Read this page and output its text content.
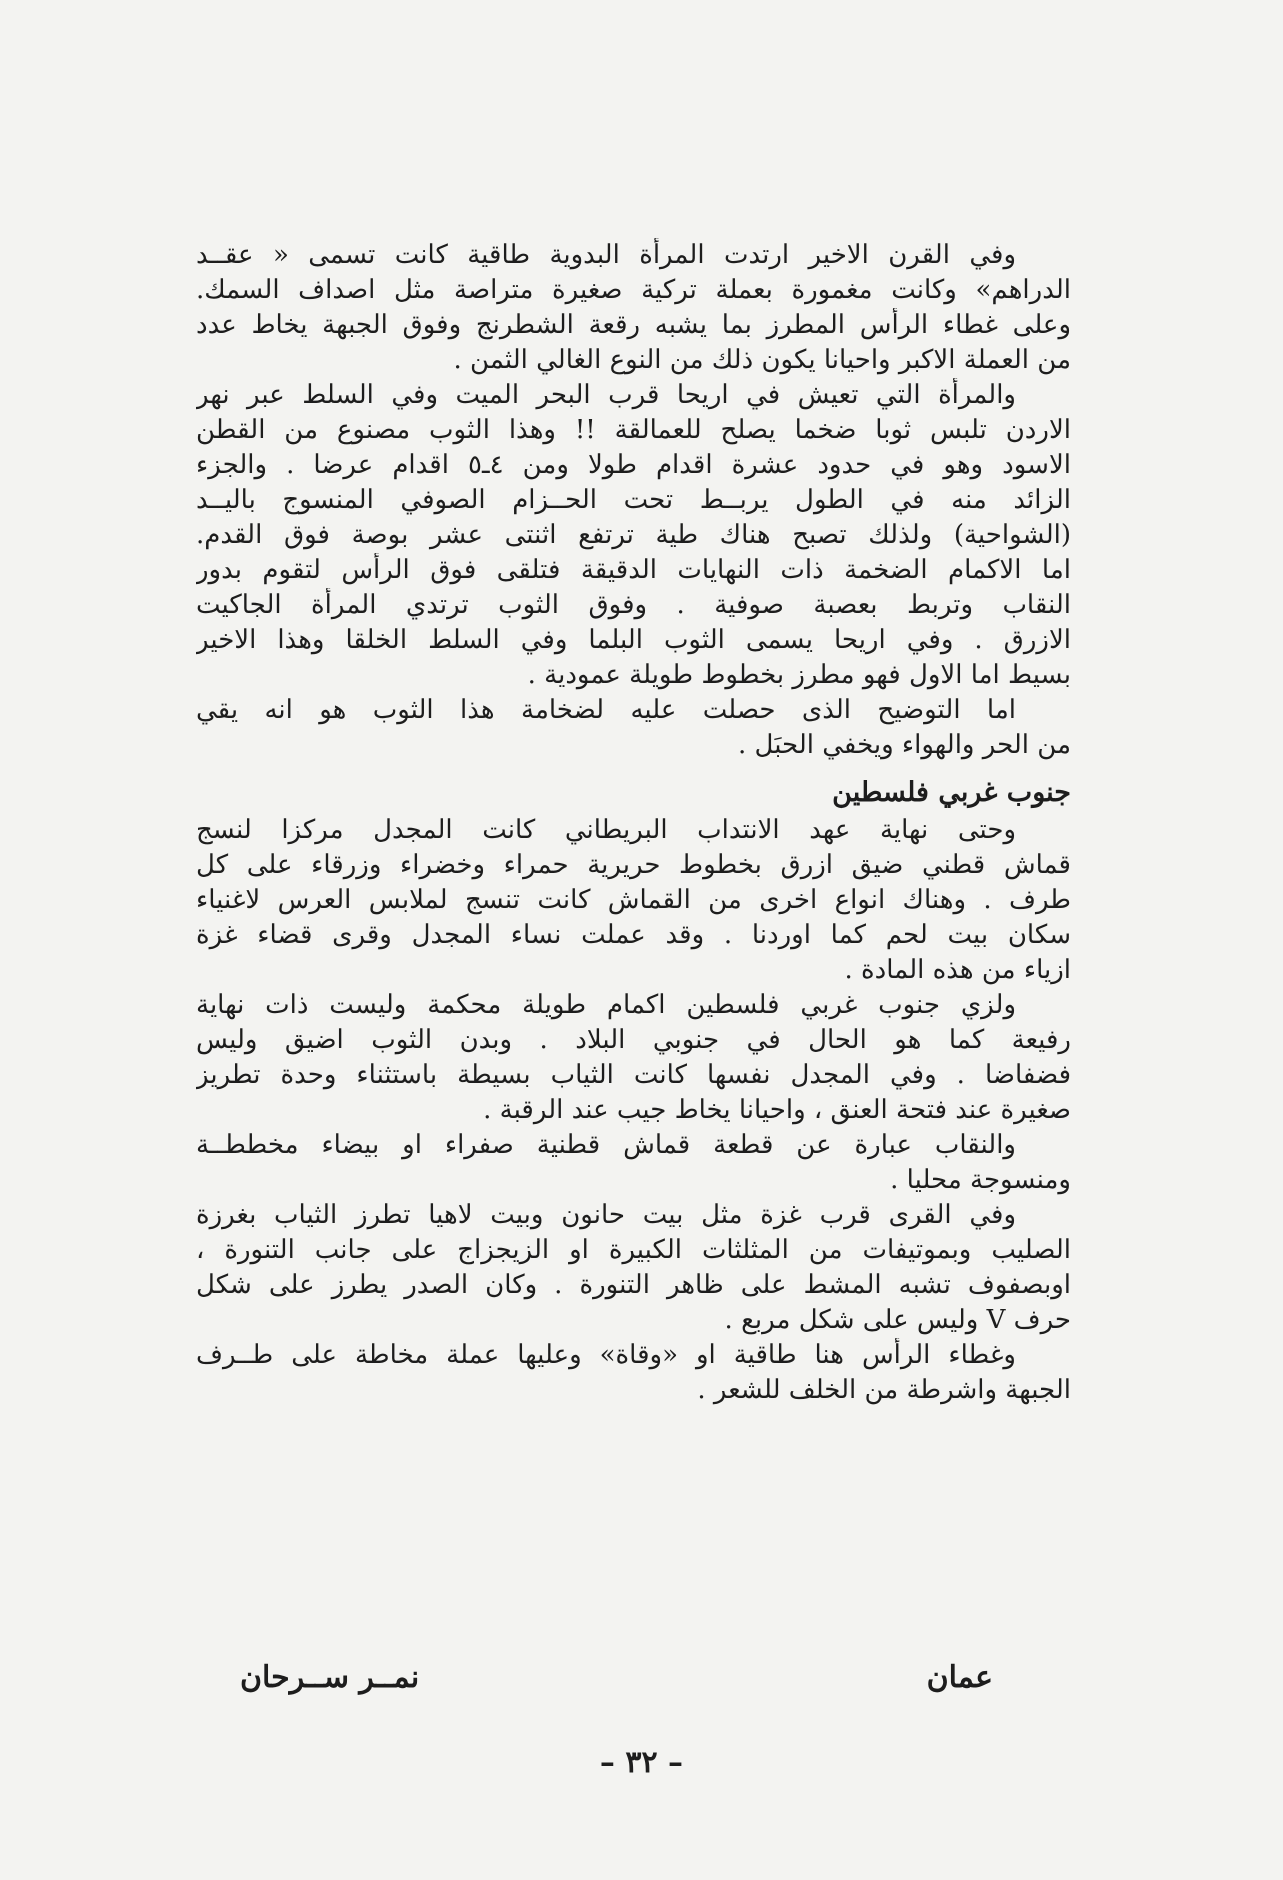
وفي القرن الاخير ارتدت المرأة البدوية طاقية كانت تسمى « عقــد
الدراهم» وكانت مغمورة بعملة تركية صغيرة متراصة مثل اصداف السمك.
وعلى غطاء الرأس المطرز بما يشبه رقعة الشطرنج وفوق الجبهة يخاط عدد
من العملة الاكبر واحيانا يكون ذلك من النوع الغالي الثمن .
والمرأة التي تعيش في اريحا قرب البحر الميت وفي السلط عبر نهر
الاردن تلبس ثوبا ضخما يصلح للعمالقة !! وهذا الثوب مصنوع من القطن
الاسود وهو في حدود عشرة اقدام طولا ومن ٤ـ٥ اقدام عرضا . والجزء
الزائد منه في الطول يربــط تحت الحــزام الصوفي المنسوج باليــد
(الشواحية) ولذلك تصبح هناك طية ترتفع اثنتى عشر بوصة فوق القدم.
اما الاكمام الضخمة ذات النهايات الدقيقة فتلقى فوق الرأس لتقوم بدور
النقاب وتربط بعصبة صوفية . وفوق الثوب ترتدي المرأة الجاكيت
الازرق . وفي اريحا يسمى الثوب البلما وفي السلط الخلقا وهذا الاخير
بسيط اما الاول فهو مطرز بخطوط طويلة عمودية .
اما التوضيح الذى حصلت عليه لضخامة هذا الثوب هو انه يقي
من الحر والهواء ويخفي الحبَل .
جنوب غربي فلسطين
وحتى نهاية عهد الانتداب البريطاني كانت المجدل مركزا لنسج
قماش قطني ضيق ازرق بخطوط حريرية حمراء وخضراء وزرقاء على كل
طرف . وهناك انواع اخرى من القماش كانت تنسج لملابس العرس لاغنياء
سكان بيت لحم كما اوردنا . وقد عملت نساء المجدل وقرى قضاء غزة
ازياء من هذه المادة .
ولزي جنوب غربي فلسطين اكمام طويلة محكمة وليست ذات نهاية
رفيعة كما هو الحال في جنوبي البلاد . وبدن الثوب اضيق وليس
فضفاضا . وفي المجدل نفسها كانت الثياب بسيطة باستثناء وحدة تطريز
صغيرة عند فتحة العنق ، واحيانا يخاط جيب عند الرقبة .
والنقاب عبارة عن قطعة قماش قطنية صفراء او بيضاء مخططــة
ومنسوجة محليا .
وفي القرى قرب غزة مثل بيت حانون وبيت لاهيا تطرز الثياب بغرزة
الصليب وبموتيفات من المثلثات الكبيرة او الزيجزاج على جانب التنورة ،
اوبصفوف تشبه المشط على ظاهر التنورة . وكان الصدر يطرز على شكل
حرف V وليس على شكل مربع .
وغطاء الرأس هنا طاقية او «وقاة» وعليها عملة مخاطة على طــرف
الجبهة واشرطة من الخلف للشعر .
عمان
نمــر ســرحان
– ٣٢ –
